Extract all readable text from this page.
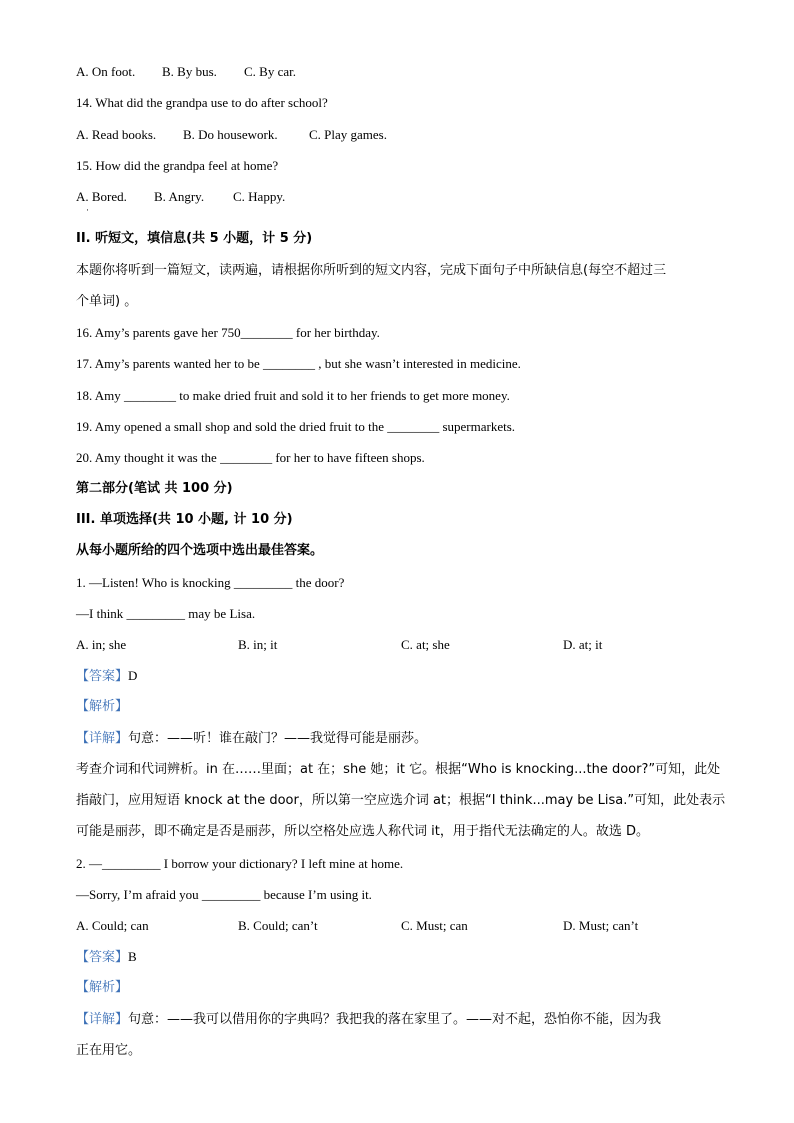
A. On foot. B. By bus. C. By car.
14. What did the grandpa use to do after school?
A. Read books. B. Do housework. C. Play games.
15. How did the grandpa feel at home?
A. Bored. B. Angry. C. Happy.
·
II. 听短文，填信息(共 5 小题，计 5 分)
本题你将听到一篇短文，读两遍，请根据你所听到的短文内容，完成下面句子中所缺信息(每空不超过三
个单词) 。
16. Amy’s parents gave her 750________ for her birthday.
17. Amy’s parents wanted her to be ________ , but she wasn’t interested in medicine.
18. Amy ________ to make dried fruit and sold it to her friends to get more money.
19. Amy opened a small shop and sold the dried fruit to the ________ supermarkets.
20. Amy thought it was the ________ for her to have fifteen shops.
第二部分(笔试 共 100 分)
III. 单项选择(共 10 小题, 计 10 分)
从每小题所给的四个选项中选出最佳答案。
1. —Listen! Who is knocking _________ the door?
—I think _________ may be Lisa.
A. in; she	B. in; it	C. at; she	D. at; it
【答案】D
【解析】
【详解】句意：——听！谁在敲门？——我觉得可能是丽莎。
考查介词和代词辨析。in 在……里面；at 在；she 她；it 它。根据“Who is knocking...the door?”可知，此处
指敲门，应用短语 knock at the door，所以第一空应选介词 at；根据“I think...may be Lisa.”可知，此处表示
可能是丽莎，即不确定是否是丽莎，所以空格处应选人称代词 it，用于指代无法确定的人。故选 D。
2. —_________ I borrow your dictionary? I left mine at home.
—Sorry, I’m afraid you _________ because I’m using it.
A. Could; can	B. Could; can’t	C. Must; can	D. Must; can’t
【答案】B
【解析】
【详解】句意：——我可以借用你的字典吗？我把我的落在家里了。——对不起，恐怕你不能，因为我
正在用它。
